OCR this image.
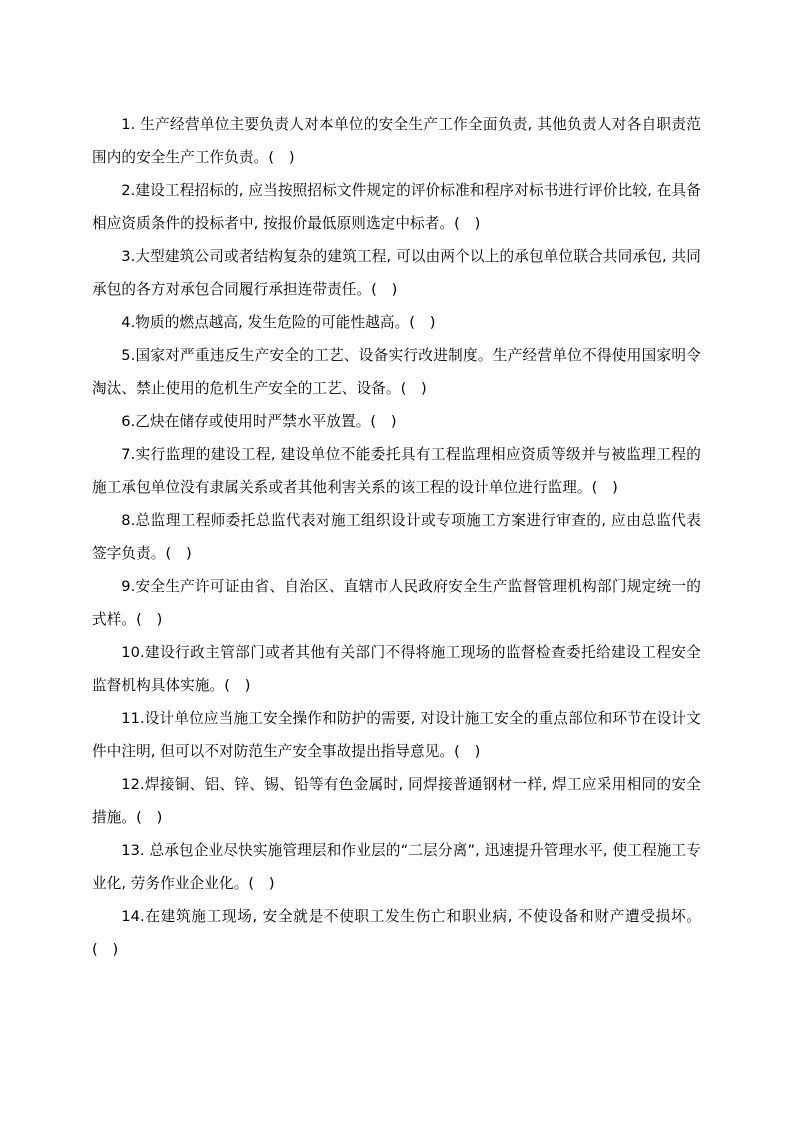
1. 生产经营单位主要负责人对本单位的安全生产工作全面负责, 其他负责人对各自职责范围内的安全生产工作负责。(　)

2.建设工程招标的, 应当按照招标文件规定的评价标准和程序对标书进行评价比较, 在具备相应资质条件的投标者中, 按报价最低原则选定中标者。(　)

3.大型建筑公司或者结构复杂的建筑工程, 可以由两个以上的承包单位联合共同承包, 共同承包的各方对承包合同履行承担连带责任。(　)

4.物质的燃点越高, 发生危险的可能性越高。(　)

5.国家对严重违反生产安全的工艺、设备实行改进制度。生产经营单位不得使用国家明令淘汰、禁止使用的危机生产安全的工艺、设备。(　)

6.乙炔在储存或使用时严禁水平放置。(　)

7.实行监理的建设工程, 建设单位不能委托具有工程监理相应资质等级并与被监理工程的施工承包单位没有隶属关系或者其他利害关系的该工程的设计单位进行监理。(　)

8.总监理工程师委托总监代表对施工组织设计或专项施工方案进行审查的, 应由总监代表签字负责。(　)

9.安全生产许可证由省、自治区、直辖市人民政府安全生产监督管理机构部门规定统一的式样。(　)

10.建设行政主管部门或者其他有关部门不得将施工现场的监督检查委托给建设工程安全监督机构具体实施。(　)

11.设计单位应当施工安全操作和防护的需要, 对设计施工安全的重点部位和环节在设计文件中注明, 但可以不对防范生产安全事故提出指导意见。(　)

12.焊接铜、铝、锌、锡、铅等有色金属时, 同焊接普通钢材一样, 焊工应采用相同的安全措施。(　)

13. 总承包企业尽快实施管理层和作业层的“二层分离”, 迅速提升管理水平, 使工程施工专业化, 劳务作业企业化。(　)

14.在建筑施工现场, 安全就是不使职工发生伤亡和职业病, 不使设备和财产遭受损坏。(　)
